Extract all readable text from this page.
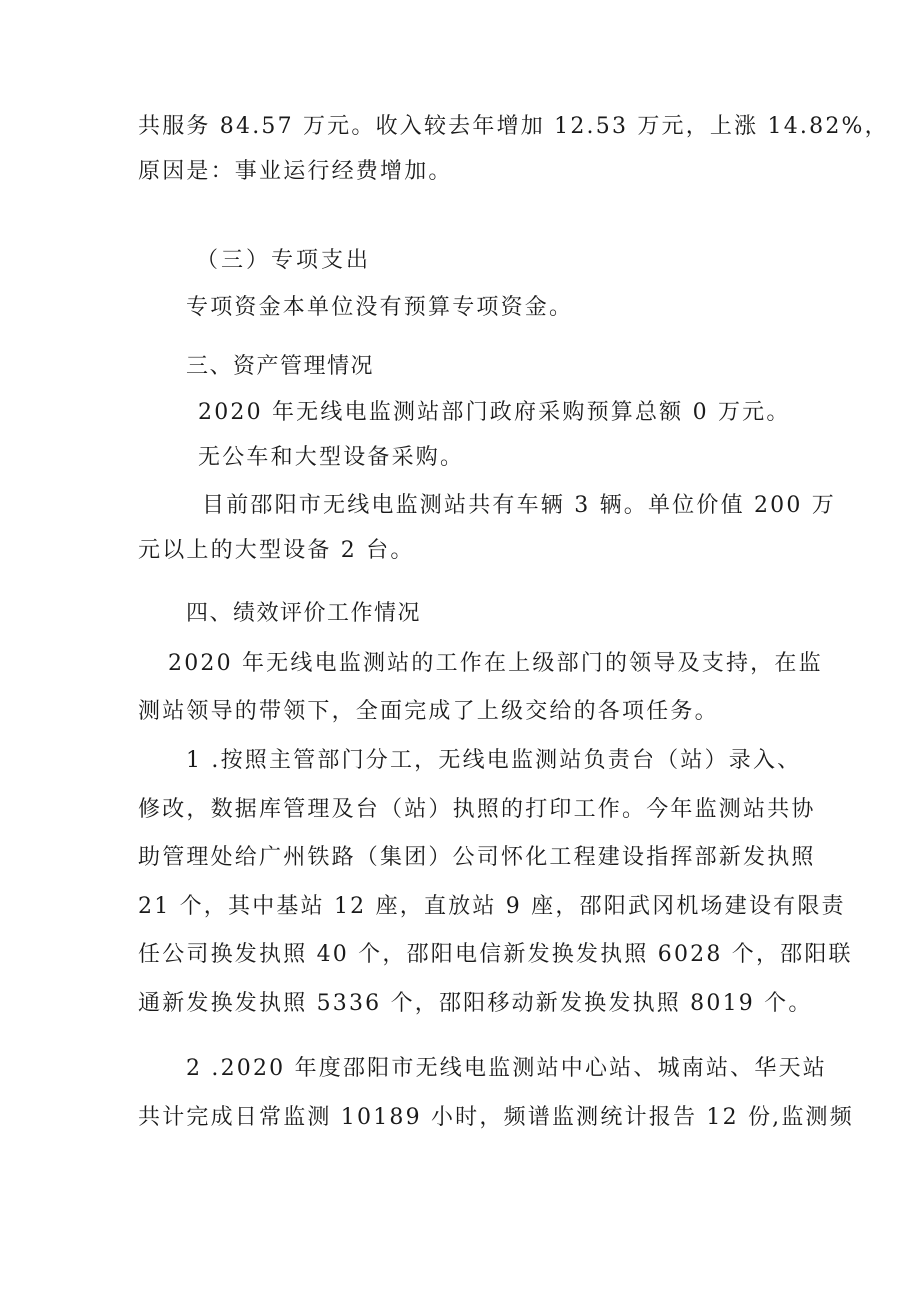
共服务 84.57 万元。收入较去年增加 12.53 万元，上涨 14.82%，
原因是：事业运行经费增加。
（三）专项支出
专项资金本单位没有预算专项资金。
三、资产管理情况
2020 年无线电监测站部门政府采购预算总额 0 万元。
无公车和大型设备采购。
目前邵阳市无线电监测站共有车辆 3 辆。单位价值 200 万
元以上的大型设备 2 台。
四、绩效评价工作情况
2020 年无线电监测站的工作在上级部门的领导及支持，在监
测站领导的带领下，全面完成了上级交给的各项任务。
1 .按照主管部门分工，无线电监测站负责台（站）录入、
修改，数据库管理及台（站）执照的打印工作。今年监测站共协
助管理处给广州铁路（集团）公司怀化工程建设指挥部新发执照
21 个，其中基站 12 座，直放站 9 座，邵阳武冈机场建设有限责
任公司换发执照 40 个，邵阳电信新发换发执照 6028 个，邵阳联
通新发换发执照 5336 个，邵阳移动新发换发执照 8019 个。
2 .2020 年度邵阳市无线电监测站中心站、城南站、华天站
共计完成日常监测 10189 小时，频谱监测统计报告 12 份,监测频
